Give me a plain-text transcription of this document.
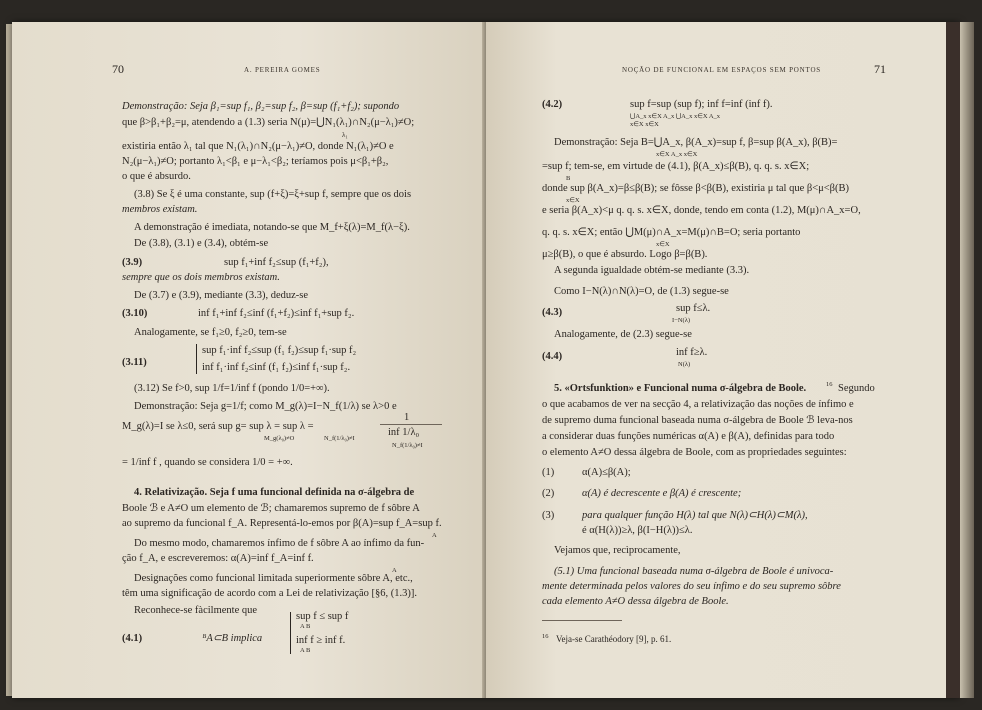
70	A. PEREIRA GOMES
Demonstração: Seja β₁=sup f₁, β₂=sup f₂, β=sup (f₁+f₂); supondo
que β>β₁+β₂=μ, atendendo a (1.3) seria N(μ)=⋃N₁(λ₁)∩N₂(μ−λ₁)≠O;
λ₁
existiria então λ₁ tal que N₁(λ₁)∩N₂(μ−λ₁)≠O, donde N₁(λ₁)≠O e
N₂(μ−λ₁)≠O; portanto λ₁<β₁ e μ−λ₁<β₂; teríamos pois μ<β₁+β₂,
o que é absurdo.
(3.8) Se ξ é uma constante, sup (f+ξ)=ξ+sup f, sempre que os dois
membros existam.
A demonstração é imediata, notando-se que M_f+ξ(λ)=M_f(λ−ξ).
De (3.8), (3.1) e (3.4), obtém-se
(3.9)	sup f₁+inf f₂≤sup (f₁+f₂),
sempre que os dois membros existam.
De (3.7) e (3.9), mediante (3.3), deduz-se
(3.10)	inf f₁+inf f₂≤inf (f₁+f₂)≤inf f₁+sup f₂.
Analogamente, se f₁≥0, f₂≥0, tem-se
(3.11)
sup f₁·inf f₂≤sup (f₁ f₂)≤sup f₁·sup f₂
inf f₁·inf f₂≤inf (f₁ f₂)≤inf f₁·sup f₂.
(3.12) Se f>0, sup 1/f=1/inf f (pondo 1/0=+∞).
Demonstração: Seja g=1/f; como M_g(λ)=I−N_f(1/λ) se λ>0 e
M_g(λ)=I se λ≤0, será sup g= sup λ = sup λ =
M_g(λ₀)≠O	N_f(1/λ₀)≠I
1
inf 1/λ₀
N_f(1/λ₀)≠I
= 1/inf f , quando se considera 1/0 = +∞.
4. Relativização. Seja f uma funcional definida na σ-álgebra de
Boole ℬ e A≠O um elemento de ℬ; chamaremos supremo de f sôbre A
ao supremo da funcional f_A. Representá-lo-emos por β(A)=sup f_A=sup f.
A
Do mesmo modo, chamaremos ínfimo de f sôbre A ao ínfimo da fun-
ção f_A, e escreveremos: α(A)=inf f_A=inf f.
A
Designações como funcional limitada superiormente sôbre A, etc.,
têm uma significação de acordo com a Lei de relativização [§6, (1.3)].
Reconhece-se fàcilmente que
(4.1)	ᴮA⊂B implica
sup f ≤ sup f
A B
inf f ≥ inf f.
A B
NOÇÃO DE FUNCIONAL EM ESPAÇOS SEM PONTOS	71
(4.2)	sup f=sup (sup f); inf f=inf (inf f).
⋃A_x x∈X A_x ⋃A_x x∈X A_x
x∈X x∈X
Demonstração: Seja B=⋃A_x, β(A_x)=sup f, β=sup β(A_x), β(B)=
x∈X A_x x∈X
=sup f; tem-se, em virtude de (4.1), β(A_x)≤β(B), q. q. s. x∈X;
B
donde sup β(A_x)=β≤β(B); se fôsse β<β(B), existiria μ tal que β<μ<β(B)
x∈X
e seria β(A_x)<μ q. q. s. x∈X, donde, tendo em conta (1.2), M(μ)∩A_x=O,
q. q. s. x∈X; então ⋃M(μ)∩A_x=M(μ)∩B=O; seria portanto
x∈X
μ≥β(B), o que é absurdo. Logo β=β(B).
A segunda igualdade obtém-se mediante (3.3).
Como I−N(λ)∩N(λ)=O, de (1.3) segue-se
(4.3)	sup f≤λ.
I−N(λ)
Analogamente, de (2.3) segue-se
(4.4)	inf f≥λ.
N(λ)
5. «Ortsfunktion» e Funcional numa σ-álgebra de Boole.	16 Segundo
o que acabamos de ver na secção 4, a relativização das noções de ínfimo e
de supremo duma funcional baseada numa σ-álgebra de Boole ℬ leva-nos
a considerar duas funções numéricas α(A) e β(A), definidas para todo
o elemento A≠O dessa álgebra de Boole, com as propriedades seguintes:
(1)	α(A)≤β(A);
(2)	α(A) é decrescente e β(A) é crescente;
(3)	para qualquer função H(λ) tal que N(λ)⊂H(λ)⊂M(λ),
é α(H(λ))≥λ, β(I−H(λ))≤λ.
Vejamos que, recìprocamente,
(5.1) Uma funcional baseada numa σ-álgebra de Boole é univoca-
mente determinada pelos valores do seu ínfimo e do seu supremo sôbre
cada elemento A≠O dessa álgebra de Boole.
16 Veja-se Carathéodory [9], p. 61.
